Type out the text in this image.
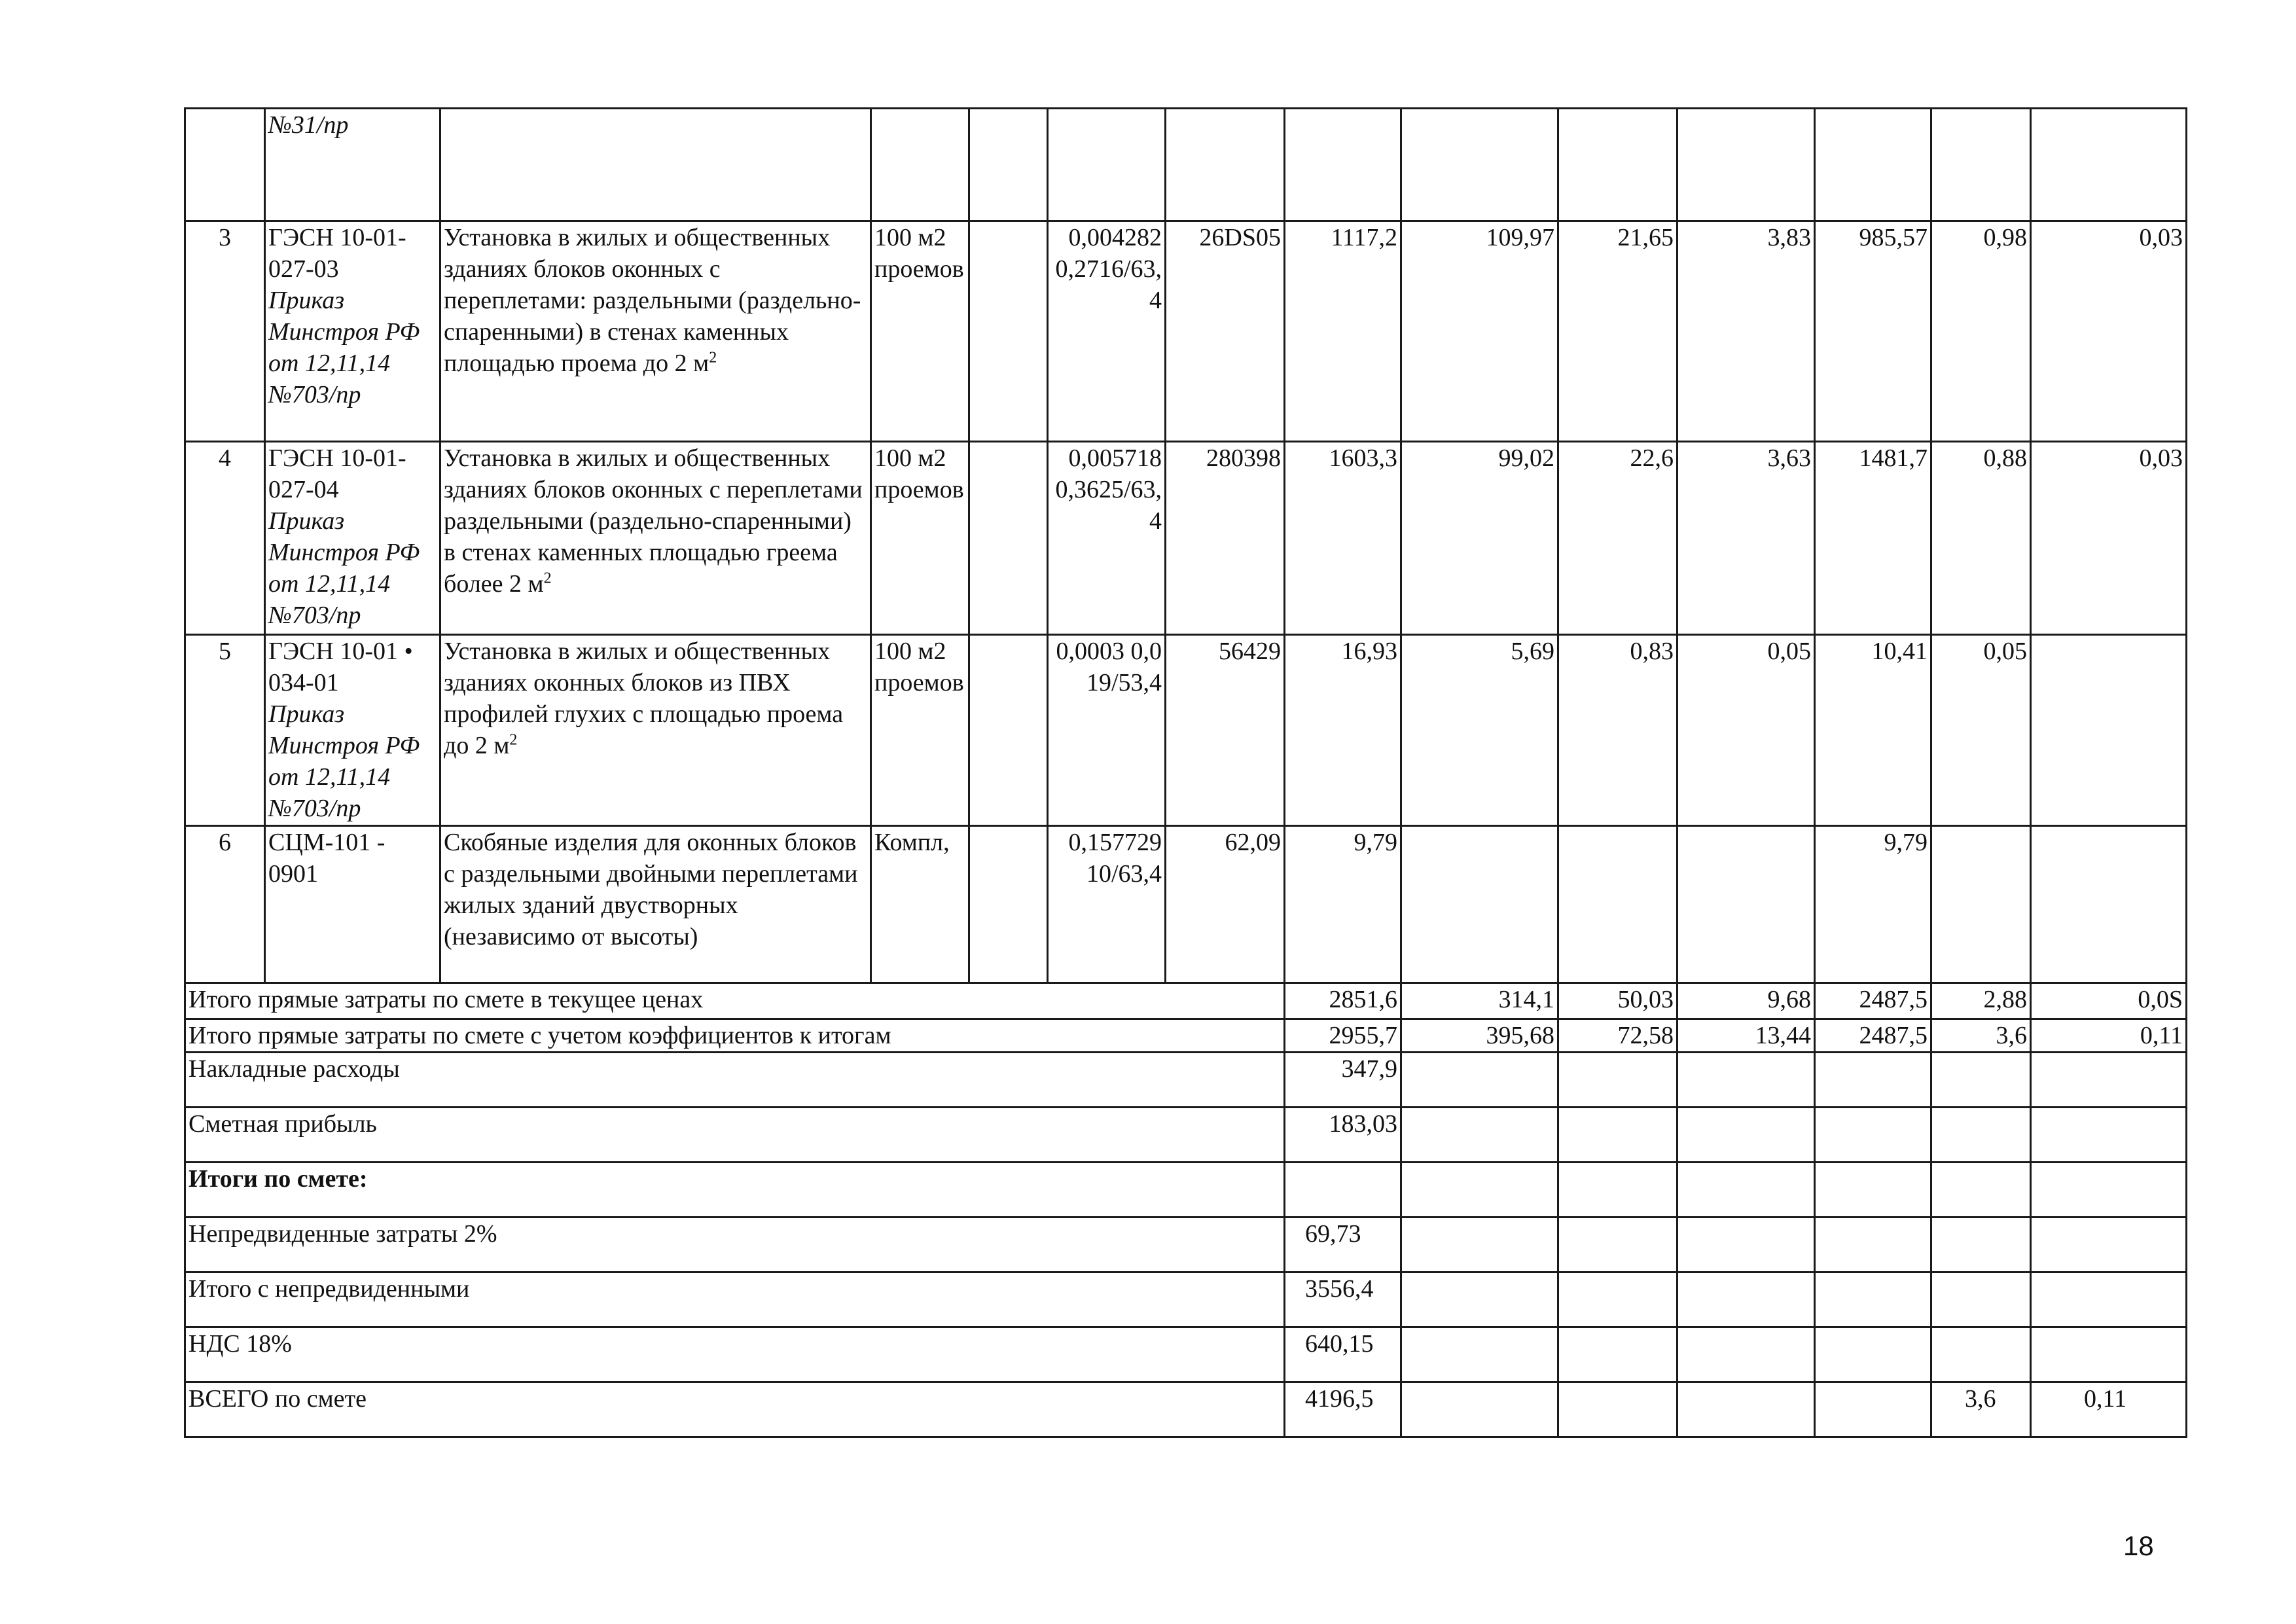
	№31/пр												
3	ГЭСН 10-01-027-03
Приказ
Минстроя РФ
от 12,11,14
№703/пр	Установка в жилых и общественных зданиях блоков оконных с переплетами: раздельными (раздельно-спаренными) в стенах каменных площадью проема до 2 $м^2$	100 м2 проемов		0,004282 0,2716/63,4	26DS05	1117,2	109,97	21,65	3,83	985,57	0,98	0,03
4	ГЭСН 10-01-027-04
Приказ
Минстроя РФ
от 12,11,14
№703/пр	Установка в жилых и общественных зданиях блоков оконных с переплетами раздельными (раздельно-спаренными) в стенах каменных площадью греема более 2 $м^2$	100 м2 проемов		0,005718 0,3625/63,4	280398	1603,3	99,02	22,6	3,63	1481,7	0,88	0,03
5	ГЭСН 10-01 • 034-01
Приказ
Минстроя РФ
от 12,11,14
№703/пр	Установка в жилых и общественных зданиях оконных блоков из ПВХ профилей глухих с площадью проема до 2 $м^2$	100 м2 проемов		0,0003 0,019/53,4	56429	16,93	5,69	0,83	0,05	10,41	0,05	
6	СЦМ-101 - 0901	Скобяные изделия для оконных блоков с раздельными двойными переплетами жилых зданий двустворных (независимо от высоты)	Компл,		0,157729 10/63,4	62,09	9,79				9,79		
Итого прямые затраты по смете в текущее ценах							2851,6	314,1	50,03	9,68	2487,5	2,88	0,0S
Итого прямые затраты по смете с учетом коэффициентов к итогам							2955,7	395,68	72,58	13,44	2487,5	3,6	0,11
Накладные расходы							347,9						
Сметная прибыль							183,03						
Итоги по смете:													
Непредвиденные затраты 2%							69,73						
Итого с непредвиденными							3556,4						
НДС 18%							640,15						
ВСЕГО по смете							4196,5					3,6	0,11
18
